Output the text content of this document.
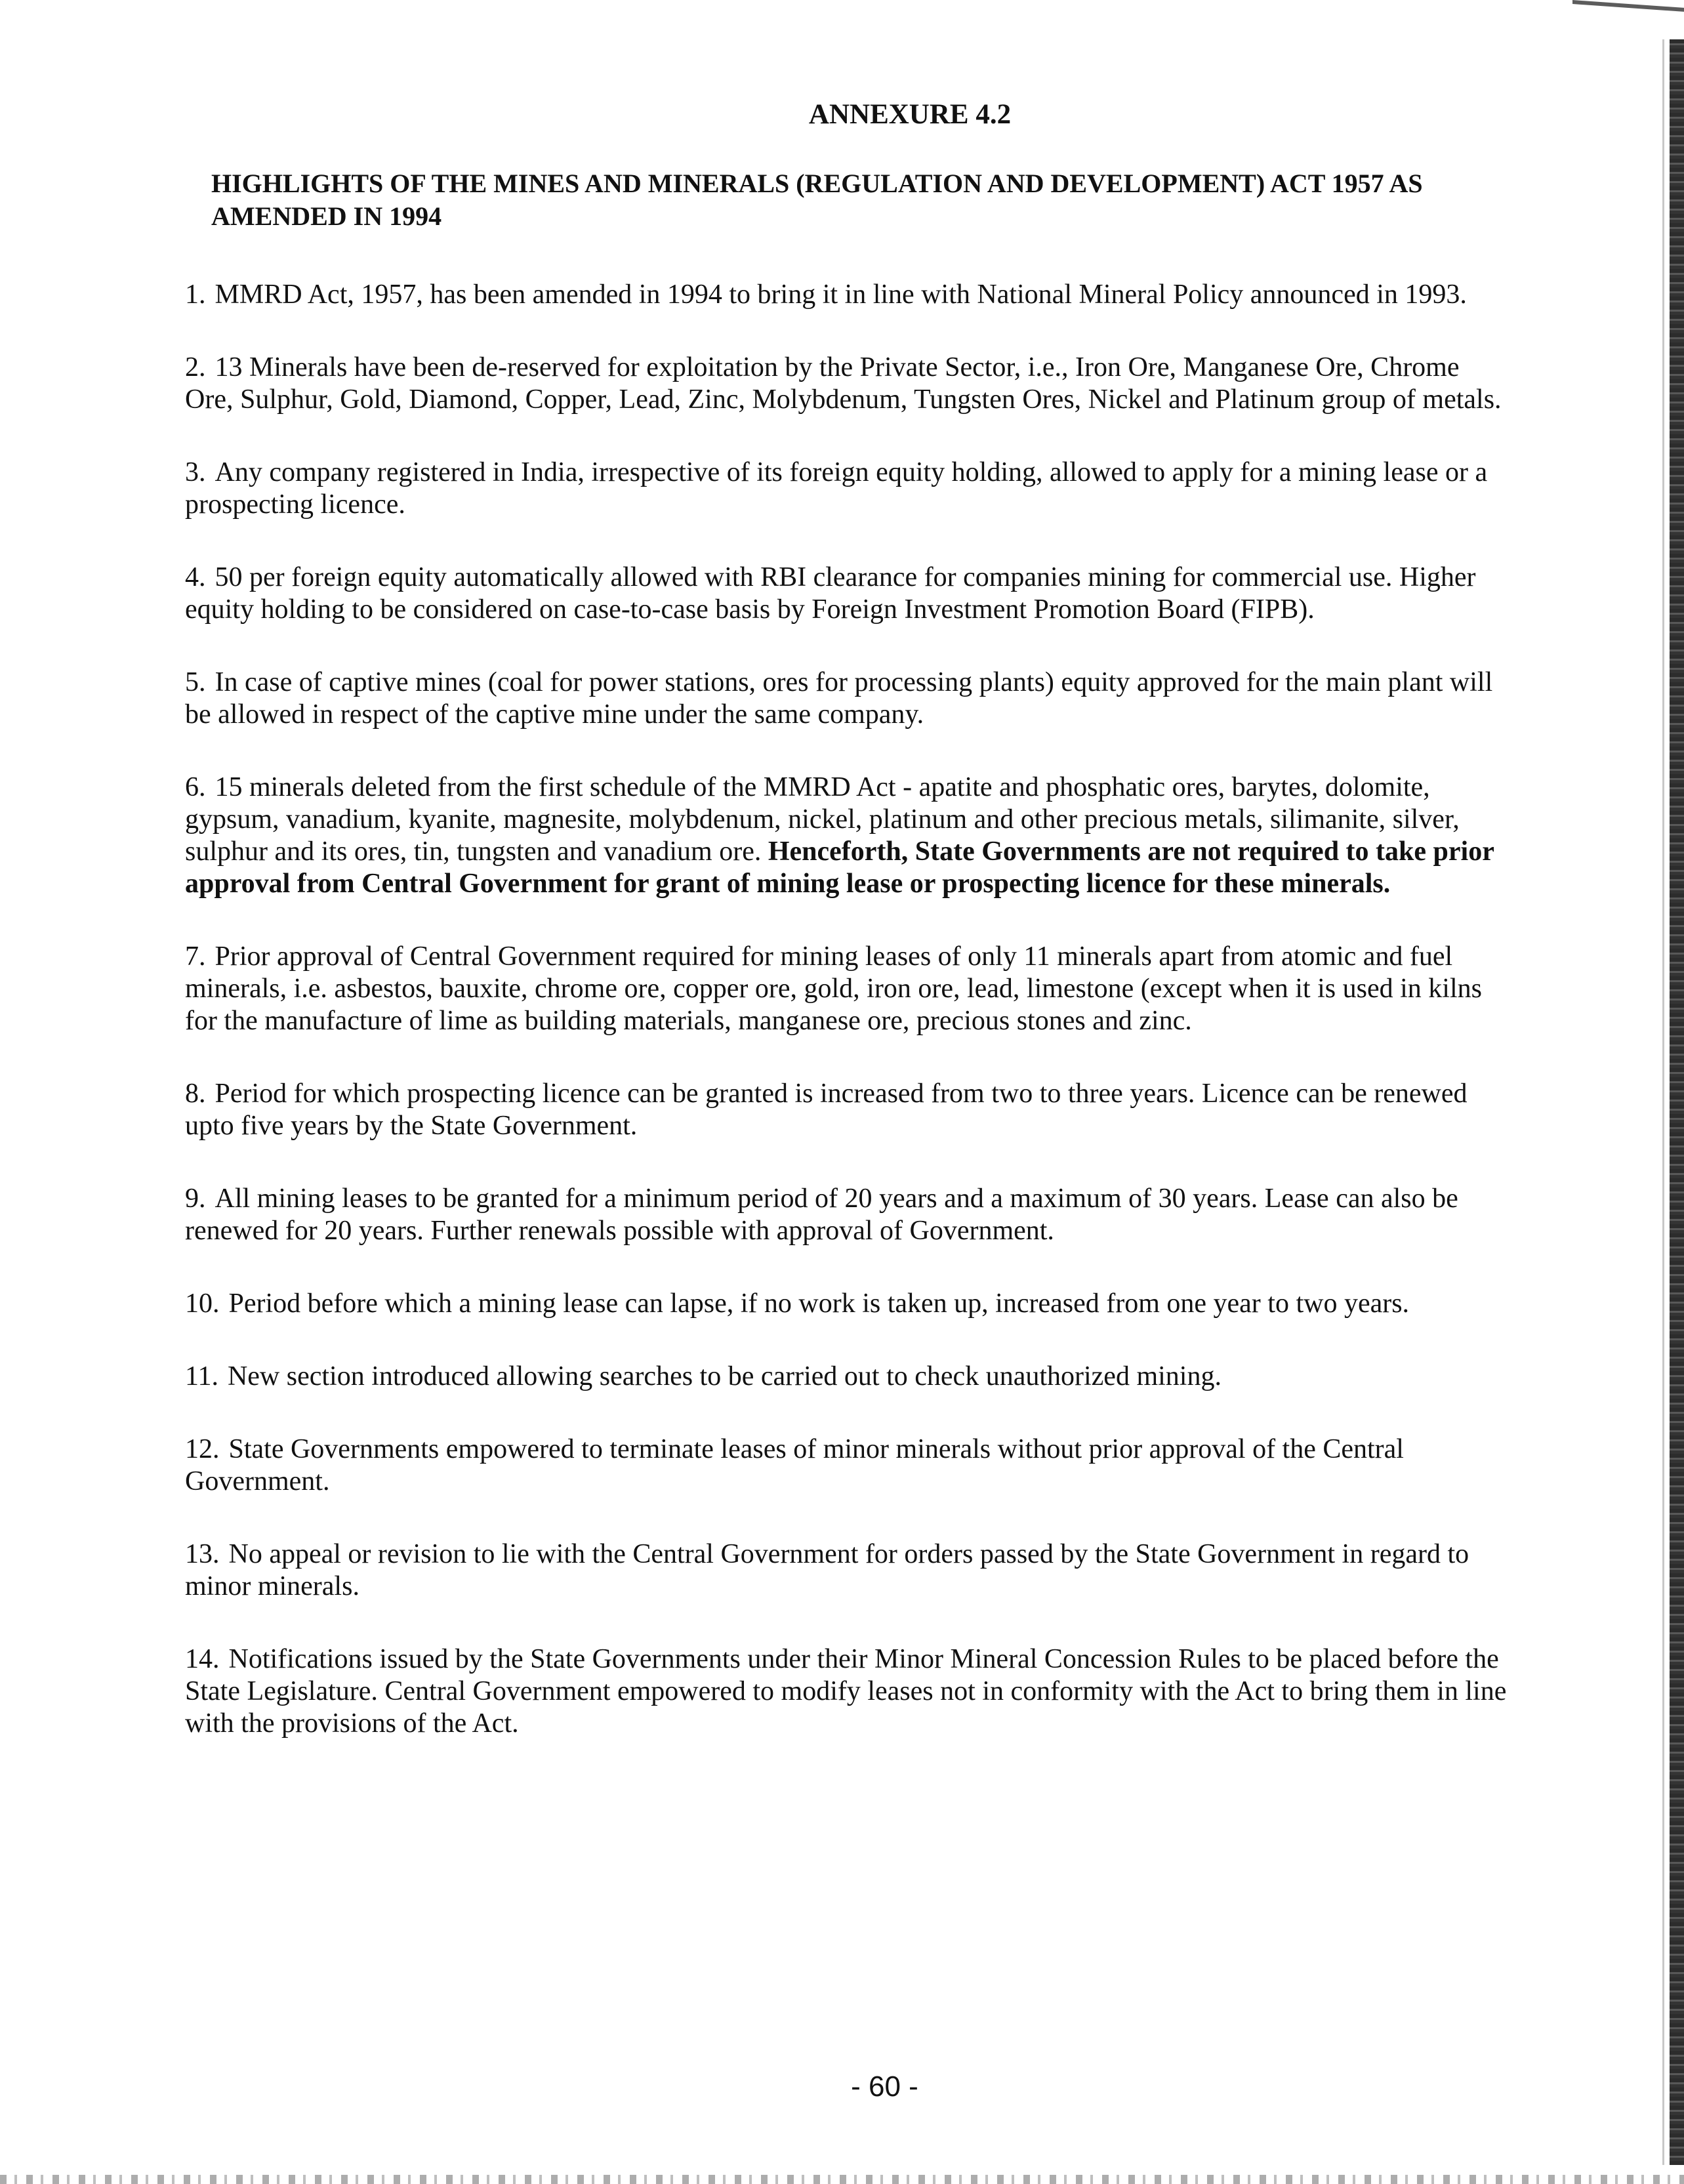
ANNEXURE 4.2
HIGHLIGHTS OF THE MINES AND MINERALS (REGULATION AND DEVELOPMENT) ACT 1957 AS AMENDED IN 1994
1. MMRD Act, 1957, has been amended in 1994 to bring it in line with National Mineral Policy announced in 1993.
2. 13 Minerals have been de-reserved for exploitation by the Private Sector, i.e., Iron Ore, Manganese Ore, Chrome Ore, Sulphur, Gold, Diamond, Copper, Lead, Zinc, Molybdenum, Tungsten Ores, Nickel and Platinum group of metals.
3. Any company registered in India, irrespective of its foreign equity holding, allowed to apply for a mining lease or a prospecting licence.
4. 50 per foreign equity automatically allowed with RBI clearance for companies mining for commercial use. Higher equity holding to be considered on case-to-case basis by Foreign Investment Promotion Board (FIPB).
5. In case of captive mines (coal for power stations, ores for processing plants) equity approved for the main plant will be allowed in respect of the captive mine under the same company.
6. 15 minerals deleted from the first schedule of the MMRD Act - apatite and phosphatic ores, barytes, dolomite, gypsum, vanadium, kyanite, magnesite, molybdenum, nickel, platinum and other precious metals, silimanite, silver, sulphur and its ores, tin, tungsten and vanadium ore. Henceforth, State Governments are not required to take prior approval from Central Government for grant of mining lease or prospecting licence for these minerals.
7. Prior approval of Central Government required for mining leases of only 11 minerals apart from atomic and fuel minerals, i.e. asbestos, bauxite, chrome ore, copper ore, gold, iron ore, lead, limestone (except when it is used in kilns for the manufacture of lime as building materials, manganese ore, precious stones and zinc.
8. Period for which prospecting licence can be granted is increased from two to three years. Licence can be renewed upto five years by the State Government.
9. All mining leases to be granted for a minimum period of 20 years and a maximum of 30 years. Lease can also be renewed for 20 years. Further renewals possible with approval of Government.
10. Period before which a mining lease can lapse, if no work is taken up, increased from one year to two years.
11. New section introduced allowing searches to be carried out to check unauthorized mining.
12. State Governments empowered to terminate leases of minor minerals without prior approval of the Central Government.
13. No appeal or revision to lie with the Central Government for orders passed by the State Government in regard to minor minerals.
14. Notifications issued by the State Governments under their Minor Mineral Concession Rules to be placed before the State Legislature. Central Government empowered to modify leases not in conformity with the Act to bring them in line with the provisions of the Act.
- 60 -
